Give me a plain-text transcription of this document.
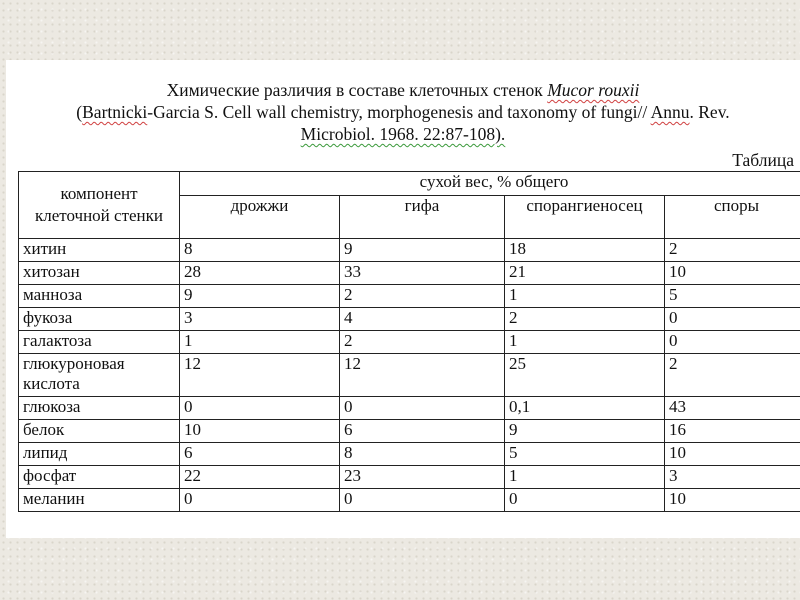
Химические различия в составе клеточных стенок Mucor rouxii
(Bartnicki-Garcia S. Cell wall chemistry, morphogenesis and taxonomy of fungi// Annu. Rev.
Microbiol. 1968. 22:87-108).
Таблица
компонент клеточной стенки	сухой вес, % общего			
	дрожжи	гифа	спорангиеносец	споры
хитин	8	9	18	2
хитозан	28	33	21	10
манноза	9	2	1	5
фукоза	3	4	2	0
галактоза	1	2	1	0
глюкуроновая кислота	12	12	25	2
глюкоза	0	0	0,1	43
белок	10	6	9	16
липид	6	8	5	10
фосфат	22	23	1	3
меланин	0	0	0	10
